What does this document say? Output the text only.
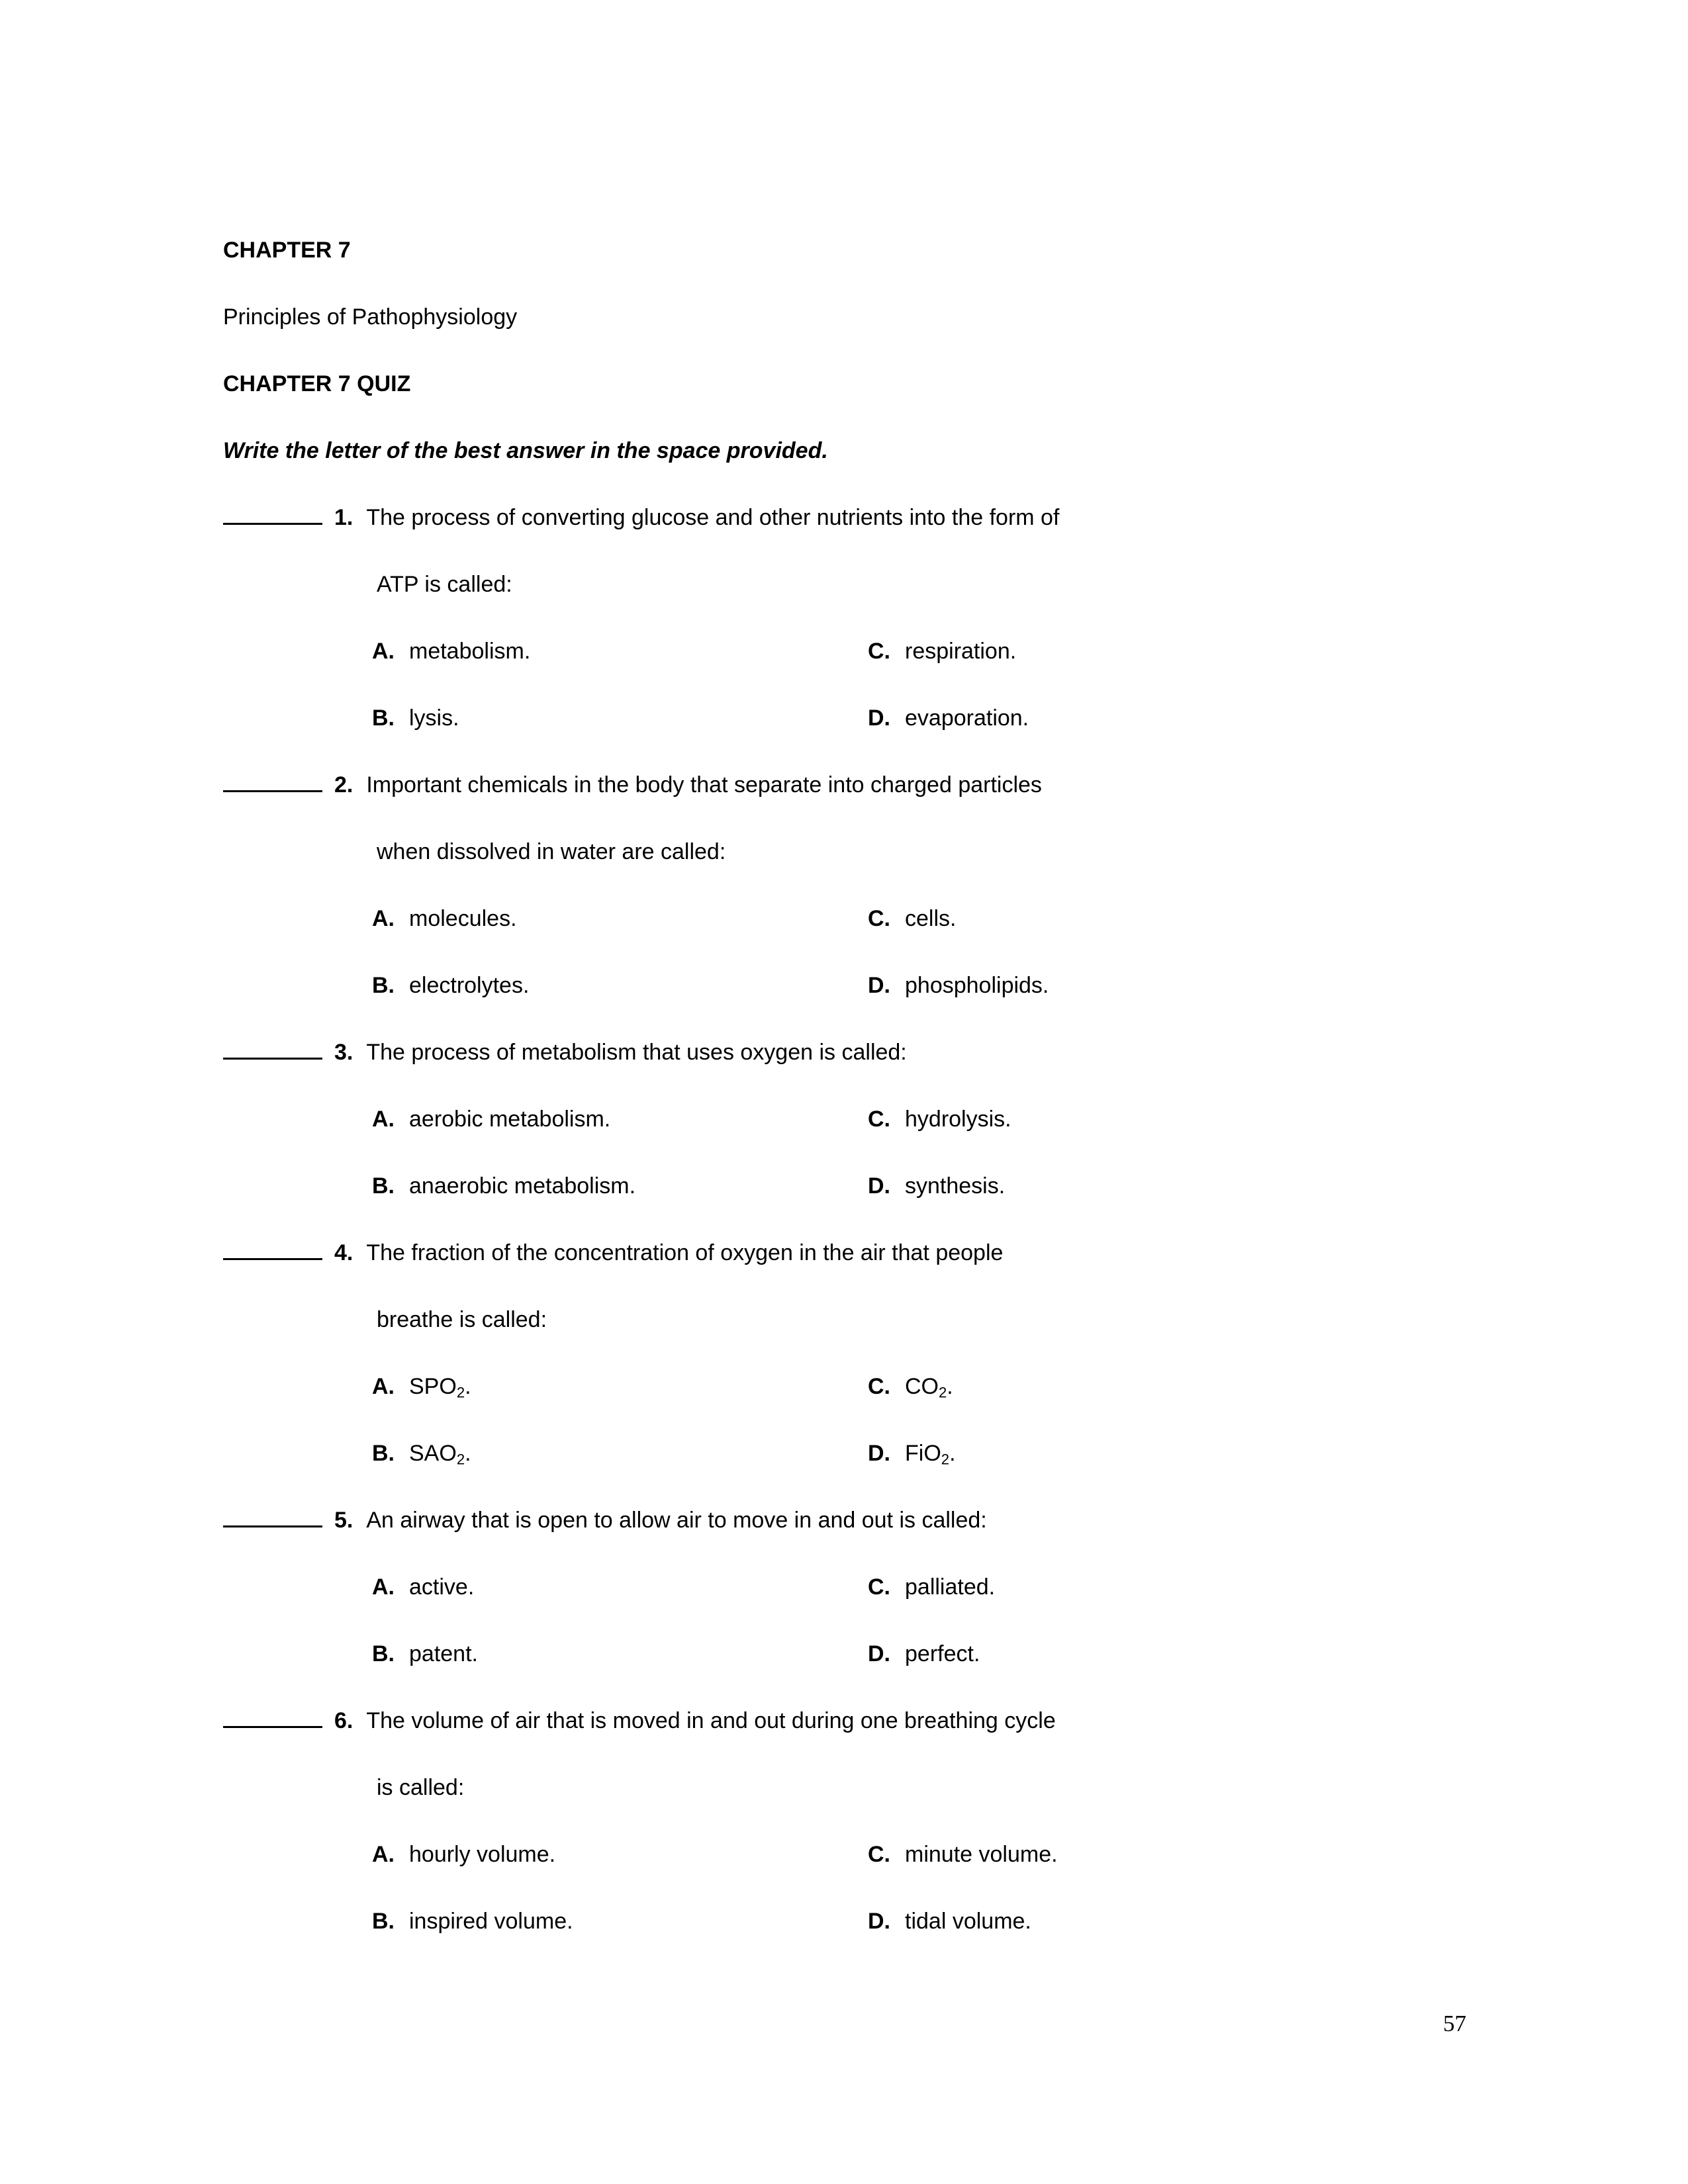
CHAPTER 7
Principles of Pathophysiology
CHAPTER 7 QUIZ
Write the letter of the best answer in the space provided.
1. The process of converting glucose and other nutrients into the form of
ATP is called:
A. metabolism.
B. lysis.
C. respiration.
D. evaporation.
2. Important chemicals in the body that separate into charged particles
when dissolved in water are called:
A. molecules.
B. electrolytes.
C. cells.
D. phospholipids.
3. The process of metabolism that uses oxygen is called:
A. aerobic metabolism.
B. anaerobic metabolism.
C. hydrolysis.
D. synthesis.
4. The fraction of the concentration of oxygen in the air that people
breathe is called:
A. $SPO_2$.
B. $SAO_2$.
C. $CO_2$.
D. FiO$_2$.
5. An airway that is open to allow air to move in and out is called:
A. active.
B. patent.
C. palliated.
D. perfect.
6. The volume of air that is moved in and out during one breathing cycle
is called:
A. hourly volume.
B. inspired volume.
C. minute volume.
D. tidal volume.
57
